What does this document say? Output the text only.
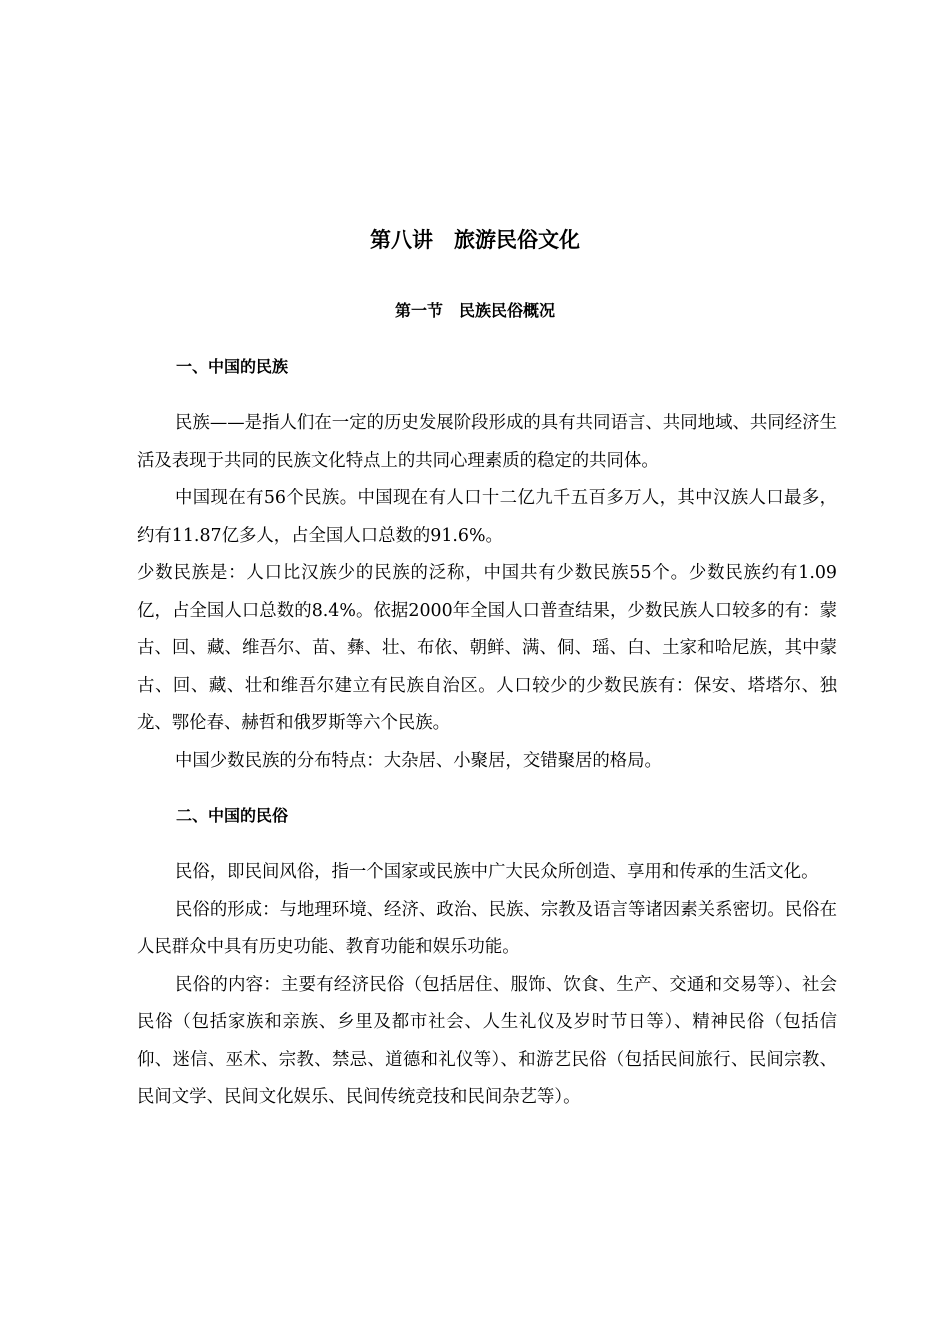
第八讲　旅游民俗文化
第一节　民族民俗概况
一、中国的民族

民族——是指人们在一定的历史发展阶段形成的具有共同语言、共同地域、共同经济生活及表现于共同的民族文化特点上的共同心理素质的稳定的共同体。

中国现在有56个民族。中国现在有人口十二亿九千五百多万人，其中汉族人口最多，约有11.87亿多人，占全国人口总数的91.6%。

少数民族是：人口比汉族少的民族的泛称，中国共有少数民族55个。少数民族约有1.09亿，占全国人口总数的8.4%。依据2000年全国人口普查结果，少数民族人口较多的有：蒙古、回、藏、维吾尔、苗、彝、壮、布依、朝鲜、满、侗、瑶、白、土家和哈尼族，其中蒙古、回、藏、壮和维吾尔建立有民族自治区。人口较少的少数民族有：保安、塔塔尔、独龙、鄂伦春、赫哲和俄罗斯等六个民族。

中国少数民族的分布特点：大杂居、小聚居，交错聚居的格局。

二、中国的民俗

民俗，即民间风俗，指一个国家或民族中广大民众所创造、享用和传承的生活文化。

民俗的形成：与地理环境、经济、政治、民族、宗教及语言等诸因素关系密切。民俗在人民群众中具有历史功能、教育功能和娱乐功能。

民俗的内容：主要有经济民俗（包括居住、服饰、饮食、生产、交通和交易等）、社会民俗（包括家族和亲族、乡里及都市社会、人生礼仪及岁时节日等）、精神民俗（包括信仰、迷信、巫术、宗教、禁忌、道德和礼仪等）、和游艺民俗（包括民间旅行、民间宗教、民间文学、民间文化娱乐、民间传统竞技和民间杂艺等）。
